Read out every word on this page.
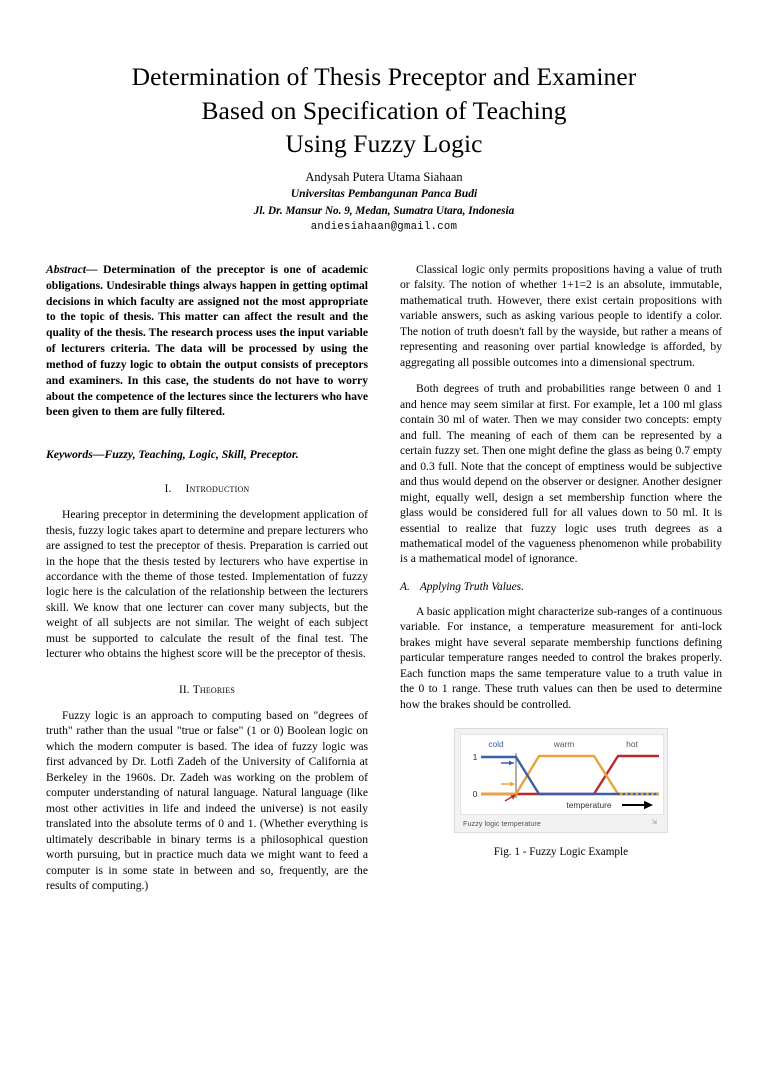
Determination of Thesis Preceptor and Examiner
Based on Specification of Teaching
Using Fuzzy Logic
Andysah Putera Utama Siahaan
Universitas Pembangunan Panca Budi
Jl. Dr. Mansur No. 9, Medan, Sumatra Utara, Indonesia
andiesiahaan@gmail.com

Abstract— Determination of the preceptor is one of academic obligations. Undesirable things always happen in getting optimal decisions in which faculty are assigned not the most appropriate to the topic of thesis. This matter can affect the result and the quality of the thesis. The research process uses the input variable of lecturers criteria. The data will be processed by using the method of fuzzy logic to obtain the output consists of preceptors and examiners. In this case, the students do not have to worry about the competence of the lectures since the lecturers who have been given to them are fully filtered.

Keywords—Fuzzy, Teaching, Logic, Skill, Preceptor.

I. Introduction

Hearing preceptor in determining the development application of thesis, fuzzy logic takes apart to determine and prepare lecturers who are assigned to test the preceptor of thesis. Preparation is carried out in the hope that the thesis tested by lecturers who have expertise in accordance with the theme of those tested. Implementation of fuzzy logic here is the calculation of the relationship between the lecturers skill. We know that one lecturer can cover many subjects, but the weight of all subjects are not similar. The weight of each subject must be supported to calculate the result of the final test. The lecturer who obtains the highest score will be the preceptor of thesis.

II. Theories

Fuzzy logic is an approach to computing based on "degrees of truth" rather than the usual "true or false" (1 or 0) Boolean logic on which the modern computer is based. The idea of fuzzy logic was first advanced by Dr. Lotfi Zadeh of the University of California at Berkeley in the 1960s. Dr. Zadeh was working on the problem of computer understanding of natural language. Natural language (like most other activities in life and indeed the universe) is not easily translated into the absolute terms of 0 and 1. (Whether everything is ultimately describable in binary terms is a philosophical question worth pursuing, but in practice much data we might want to feed a computer is in some state in between and so, frequently, are the results of computing.)

Classical logic only permits propositions having a value of truth or falsity. The notion of whether 1+1=2 is an absolute, immutable, mathematical truth. However, there exist certain propositions with variable answers, such as asking various people to identify a color. The notion of truth doesn't fall by the wayside, but rather a means of representing and reasoning over partial knowledge is afforded, by aggregating all possible outcomes into a dimensional spectrum.

Both degrees of truth and probabilities range between 0 and 1 and hence may seem similar at first. For example, let a 100 ml glass contain 30 ml of water. Then we may consider two concepts: empty and full. The meaning of each of them can be represented by a certain fuzzy set. Then one might define the glass as being 0.7 empty and 0.3 full. Note that the concept of emptiness would be subjective and thus would depend on the observer or designer. Another designer might, equally well, design a set membership function where the glass would be considered full for all values down to 50 ml. It is essential to realize that fuzzy logic uses truth degrees as a mathematical model of the vagueness phenomenon while probability is a mathematical model of ignorance.

A. Applying Truth Values.

A basic application might characterize sub-ranges of a continuous variable. For instance, a temperature measurement for anti-lock brakes might have several separate membership functions defining particular temperature ranges needed to control the brakes properly. Each function maps the same temperature value to a truth value in the 0 to 1 range. These truth values can then be used to determine how the brakes should be controlled.

cold	warm	hot
1
0
temperature
Fuzzy logic temperature	⇲
Fig. 1 - Fuzzy Logic Example
